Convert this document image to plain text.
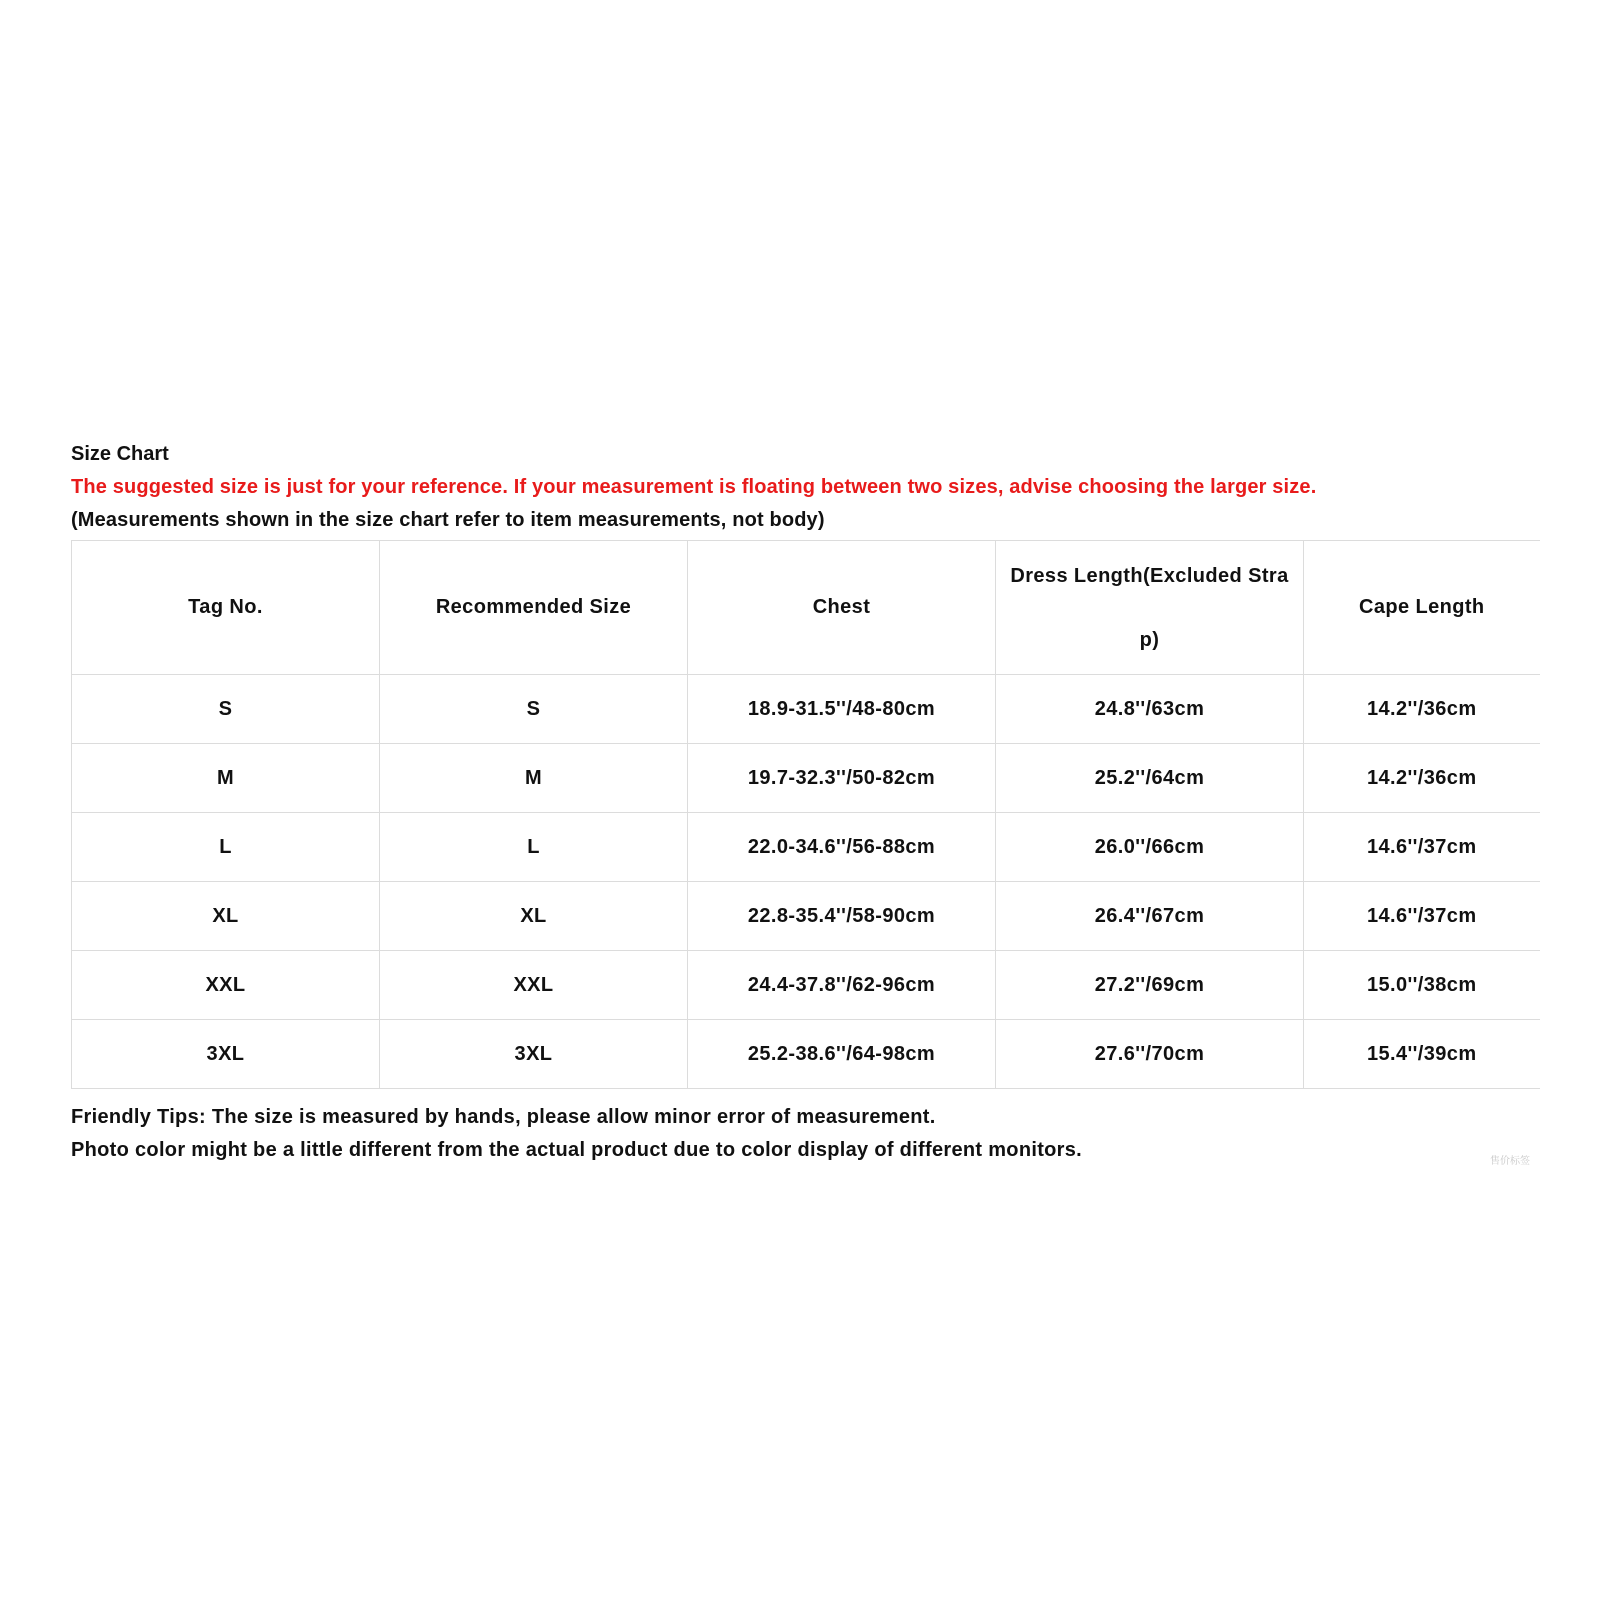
Size Chart
The suggested size is just for your reference. If your measurement is floating between two sizes, advise choosing the larger size.
(Measurements shown in the size chart refer to item measurements, not body)
Tag No.	Recommended Size	Chest	Dress Length(Excluded Strap)	Cape Length
S	S	18.9-31.5''/48-80cm	24.8''/63cm	14.2''/36cm
M	M	19.7-32.3''/50-82cm	25.2''/64cm	14.2''/36cm
L	L	22.0-34.6''/56-88cm	26.0''/66cm	14.6''/37cm
XL	XL	22.8-35.4''/58-90cm	26.4''/67cm	14.6''/37cm
XXL	XXL	24.4-37.8''/62-96cm	27.2''/69cm	15.0''/38cm
3XL	3XL	25.2-38.6''/64-98cm	27.6''/70cm	15.4''/39cm

Friendly Tips: The size is measured by hands, please allow minor error of measurement.

Photo color might be a little different from the actual product due to color display of different monitors.

售价标签
